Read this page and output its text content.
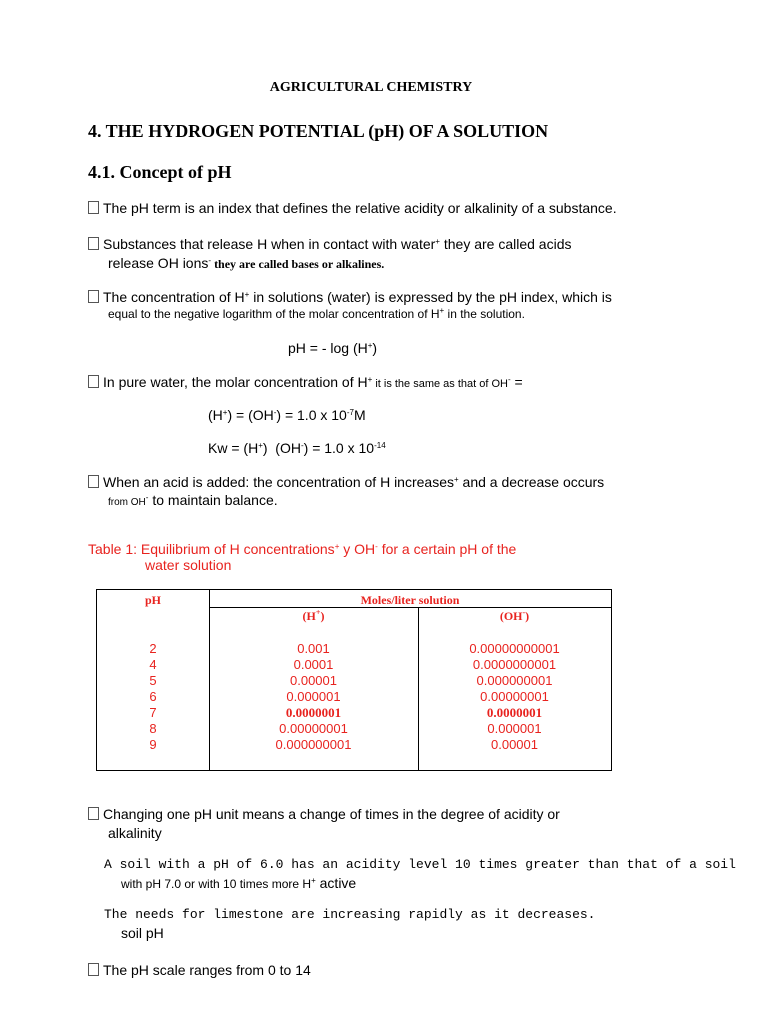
AGRICULTURAL CHEMISTRY
4. THE HYDROGEN POTENTIAL (pH) OF A SOLUTION
4.1. Concept of pH
The pH term is an index that defines the relative acidity or alkalinity of a substance.
Substances that release H when in contact with water+ they are called acids
release OH ions- they are called bases or alkalines.
The concentration of H+ in solutions (water) is expressed by the pH index, which is
equal to the negative logarithm of the molar concentration of H+ in the solution.
pH = - log (H+)
In pure water, the molar concentration of H+ it is the same as that of OH- =
(H+) = (OH-) = 1.0 x $10^{-7}M$
Kw = (H+)  (OH-) = 1.0 x $10^{-14}$
When an acid is added: the concentration of H increases+ and a decrease occurs
from OH- to maintain balance.
Table 1: Equilibrium of H concentrations+ y OH- for a certain pH of the
water solution
pH	Moles/liter solution
(H+)	(OH-)
2
4
5
6
7
8
9
0.001
0.0001
0.00001
0.000001
0.0000001
0.00000001
0.000000001
0.00000000001
0.0000000001
0.000000001
0.00000001
0.0000001
0.000001
0.00001
Changing one pH unit means a change of times in the degree of acidity or
alkalinity
A soil with a pH of 6.0 has an acidity level 10 times greater than that of a soil
with pH 7.0 or with 10 times more H+ active
The needs for limestone are increasing rapidly as it decreases.
soil pH
The pH scale ranges from 0 to 14
